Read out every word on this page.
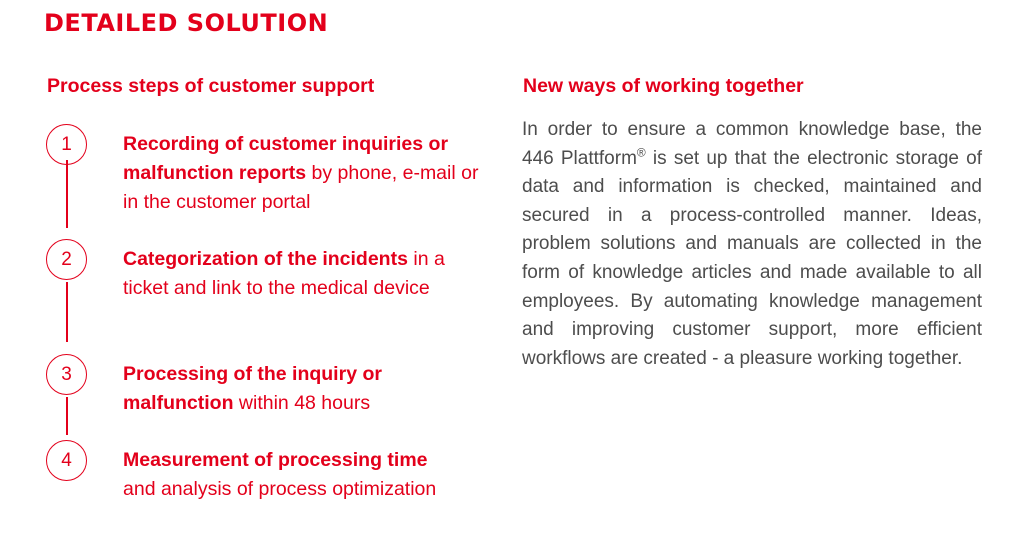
DETAILED SOLUTION
Process steps of customer support	New ways of working together
1	Recording of customer inquiries or malfunction reports by phone, e-mail or in the customer portal

2	Categorization of the incidents in a ticket and link to the medical device

3	Processing of the inquiry or malfunction within 48 hours

4	Measurement of processing time and analysis of process optimization

In order to ensure a common knowledge base, the 446 Plattform® is set up that the electronic storage of data and information is checked, maintained and secured in a process-controlled manner. Ideas, problem solutions and manuals are collected in the form of knowledge articles and made available to all employees. By automating knowledge management and improving customer support, more efficient workflows are created - a pleasure working together.
